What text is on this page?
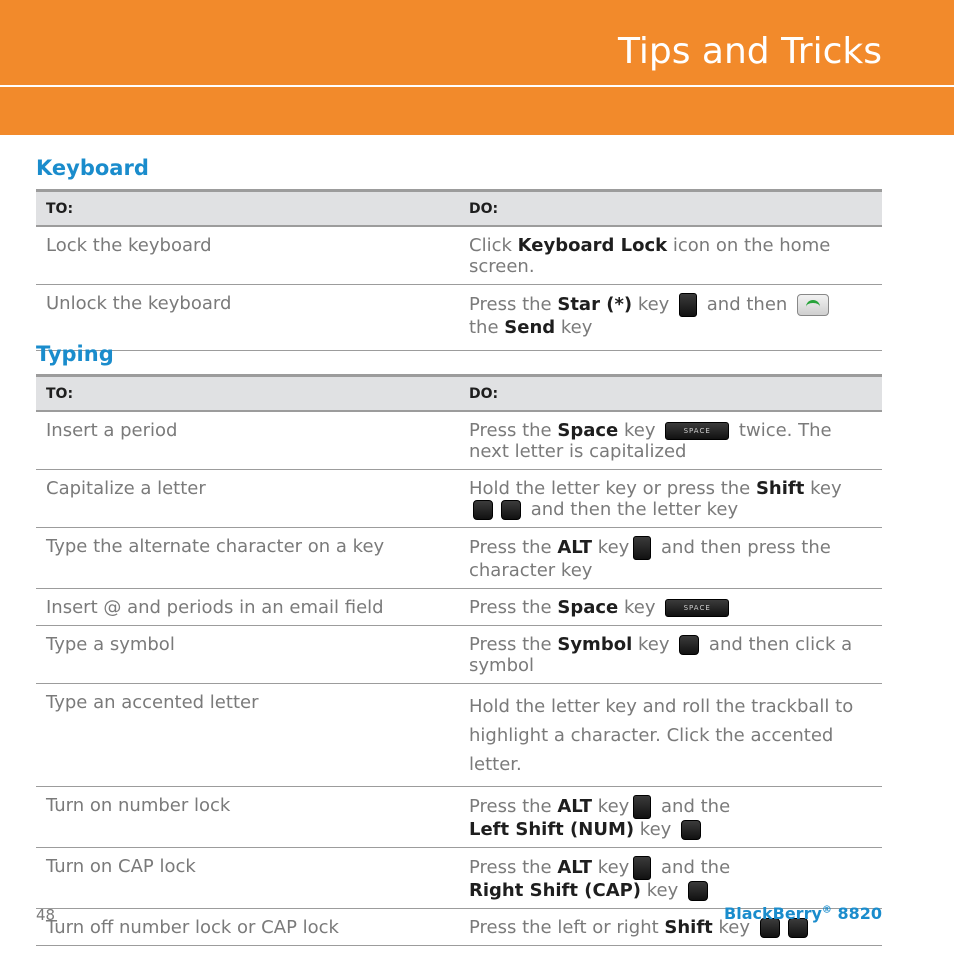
Tips and Tricks
Keyboard
TO:	DO:
Lock the keyboard	Click Keyboard Lock icon on the home screen.
Unlock the keyboard	Press the Star (*) key  and then
the Send key
Typing
TO:	DO:
Insert a period	Press the Space key SPACE twice. The next letter is capitalized
Capitalize a letter	Hold the letter key or press the Shift key  and then the letter key
Type the alternate character on a key	Press the ALT key and then press the character key
Insert @ and periods in an email field	Press the Space key SPACE
Type a symbol	Press the Symbol key  and then click a symbol
Type an accented letter	Hold the letter key and roll the trackball to highlight a character. Click the accented letter.
Turn on number lock	Press the ALT key and the
Left Shift (NUM) key
Turn on CAP lock	Press the ALT key and the
Right Shift (CAP) key
Turn off number lock or CAP lock	Press the left or right Shift key
48	BlackBerry® 8820
